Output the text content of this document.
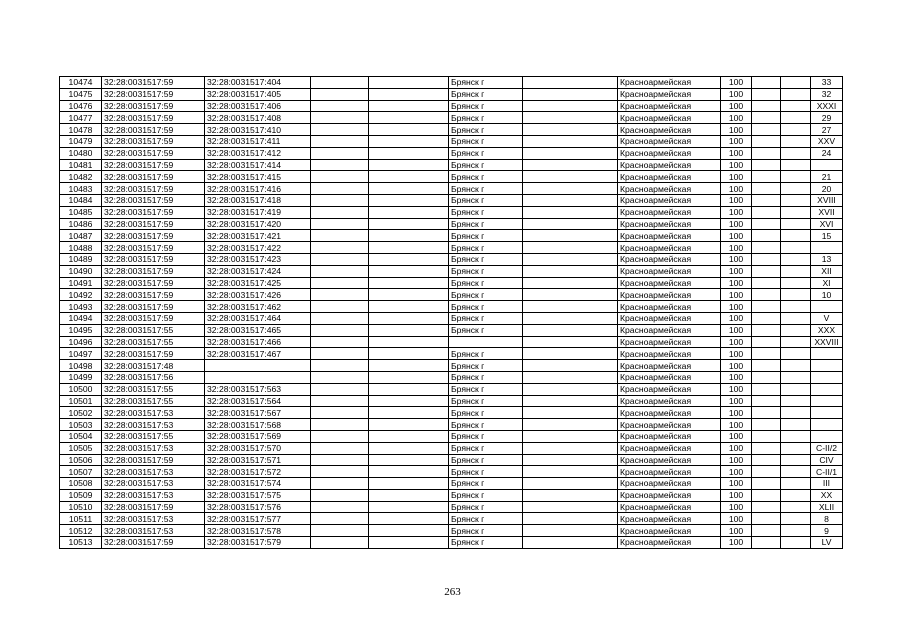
10474	32:28:0031517:59	32:28:0031517:404			Брянск г		Красноармейская	100			33
10475	32:28:0031517:59	32:28:0031517:405			Брянск г		Красноармейская	100			32
10476	32:28:0031517:59	32:28:0031517:406			Брянск г		Красноармейская	100			XXXI
10477	32:28:0031517:59	32:28:0031517:408			Брянск г		Красноармейская	100			29
10478	32:28:0031517:59	32:28:0031517:410			Брянск г		Красноармейская	100			27
10479	32:28:0031517:59	32:28:0031517:411			Брянск г		Красноармейская	100			XXV
10480	32:28:0031517:59	32:28:0031517:412			Брянск г		Красноармейская	100			24
10481	32:28:0031517:59	32:28:0031517:414			Брянск г		Красноармейская	100			
10482	32:28:0031517:59	32:28:0031517:415			Брянск г		Красноармейская	100			21
10483	32:28:0031517:59	32:28:0031517:416			Брянск г		Красноармейская	100			20
10484	32:28:0031517:59	32:28:0031517:418			Брянск г		Красноармейская	100			XVIII
10485	32:28:0031517:59	32:28:0031517:419			Брянск г		Красноармейская	100			XVII
10486	32:28:0031517:59	32:28:0031517:420			Брянск г		Красноармейская	100			XVI
10487	32:28:0031517:59	32:28:0031517:421			Брянск г		Красноармейская	100			15
10488	32:28:0031517:59	32:28:0031517:422			Брянск г		Красноармейская	100			
10489	32:28:0031517:59	32:28:0031517:423			Брянск г		Красноармейская	100			13
10490	32:28:0031517:59	32:28:0031517:424			Брянск г		Красноармейская	100			XII
10491	32:28:0031517:59	32:28:0031517:425			Брянск г		Красноармейская	100			XI
10492	32:28:0031517:59	32:28:0031517:426			Брянск г		Красноармейская	100			10
10493	32:28:0031517:59	32:28:0031517:462			Брянск г		Красноармейская	100			
10494	32:28:0031517:59	32:28:0031517:464			Брянск г		Красноармейская	100			V
10495	32:28:0031517:55	32:28:0031517:465			Брянск г		Красноармейская	100			XXX
10496	32:28:0031517:55	32:28:0031517:466					Красноармейская	100			XXVIII
10497	32:28:0031517:59	32:28:0031517:467			Брянск г		Красноармейская	100			
10498	32:28:0031517:48				Брянск г		Красноармейская	100			
10499	32:28:0031517:56				Брянск г		Красноармейская	100			
10500	32:28:0031517:55	32:28:0031517:563			Брянск г		Красноармейская	100			
10501	32:28:0031517:55	32:28:0031517:564			Брянск г		Красноармейская	100			
10502	32:28:0031517:53	32:28:0031517:567			Брянск г		Красноармейская	100			
10503	32:28:0031517:53	32:28:0031517:568			Брянск г		Красноармейская	100			
10504	32:28:0031517:55	32:28:0031517:569			Брянск г		Красноармейская	100			
10505	32:28:0031517:53	32:28:0031517:570			Брянск г		Красноармейская	100			C-II/2
10506	32:28:0031517:59	32:28:0031517:571			Брянск г		Красноармейская	100			CIV
10507	32:28:0031517:53	32:28:0031517:572			Брянск г		Красноармейская	100			C-II/1
10508	32:28:0031517:53	32:28:0031517:574			Брянск г		Красноармейская	100			III
10509	32:28:0031517:53	32:28:0031517:575			Брянск г		Красноармейская	100			XX
10510	32:28:0031517:59	32:28:0031517:576			Брянск г		Красноармейская	100			XLII
10511	32:28:0031517:53	32:28:0031517:577			Брянск г		Красноармейская	100			8
10512	32:28:0031517:53	32:28:0031517:578			Брянск г		Красноармейская	100			9
10513	32:28:0031517:59	32:28:0031517:579			Брянск г		Красноармейская	100			LV
263
